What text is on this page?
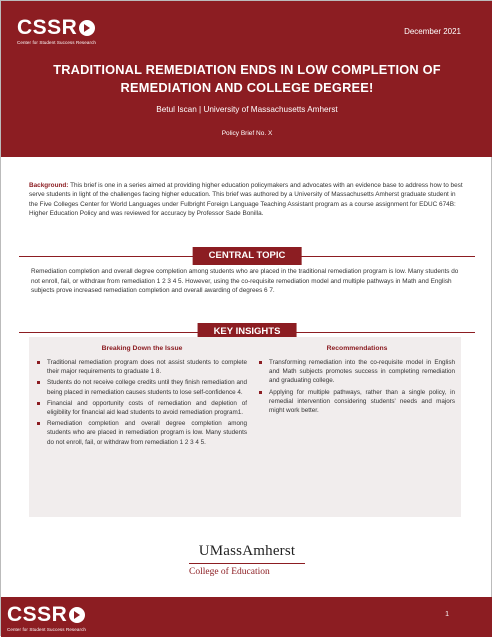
CSSR
Center for Student Success Research
December 2021
TRADITIONAL REMEDIATION ENDS IN LOW COMPLETION OF
REMEDIATION AND COLLEGE DEGREE!
Betul Iscan | University of Massachusetts Amherst
Policy Brief No. X
Background: This brief is one in a series aimed at providing higher education policymakers and advocates with an evidence base to address how to best serve students in light of the challenges facing higher education. This brief was authored by a University of Massachusetts Amherst graduate student in the Five Colleges Center for World Languages under Fulbright Foreign Language Teaching Assistant program as a course assignment for EDUC 674B: Higher Education Policy and was reviewed for accuracy by Professor Sade Bonilla.
CENTRAL TOPIC
Remediation completion and overall degree completion among students who are placed in the traditional remediation program is low. Many students do not enroll, fail, or withdraw from remediation 1 2 3 4 5. However, using the co-requisite remediation model and multiple pathways in Math and English subjects prove increased remediation completion and overall awarding of degrees 6 7.
KEY INSIGHTS
Breaking Down the Issue
Traditional remediation program does not assist students to complete their major requirements to graduate 1 8.
Students do not receive college credits until they finish remediation and being placed in remediation causes students to lose self-confidence 4.
Financial and opportunity costs of remediation and depletion of eligibility for financial aid lead students to avoid remediation program1.
Remediation completion and overall degree completion among students who are placed in remediation program is low. Many students do not enroll, fail, or withdraw from remediation 1 2 3 4 5.
Recommendations
Transforming remediation into the co-requisite model in English and Math subjects promotes success in completing remediation and graduating college.
Applying for multiple pathways, rather than a single policy, in remedial intervention considering students' needs and majors might work better.
UMassAmherst
College of Education
CSSR
Center for Student Success Research
1
